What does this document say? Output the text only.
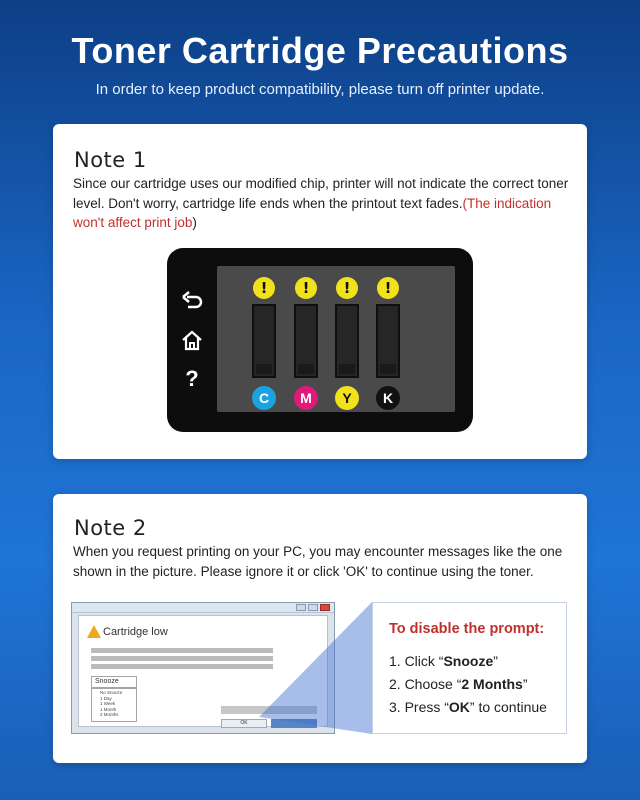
Toner Cartridge Precautions
In order to keep product compatibility, please turn off printer update.
Note 1
Since our cartridge uses our modified chip, printer will not indicate the correct toner level. Don't worry, cartridge life ends when the printout text fades.(The indication won't affect print job)
?
!	!	!	!
C	M	Y	K
Note 2
When you request printing on your PC, you may encounter messages like the one shown in the picture. Please ignore it or click 'OK' to continue using the toner.
Cartridge low
Snooze
No Snooze
1 Day
1 Week
1 Month
2 Months
OK
To disable the prompt:
1. Click “Snooze”
2. Choose “2 Months”
3. Press “OK” to continue
